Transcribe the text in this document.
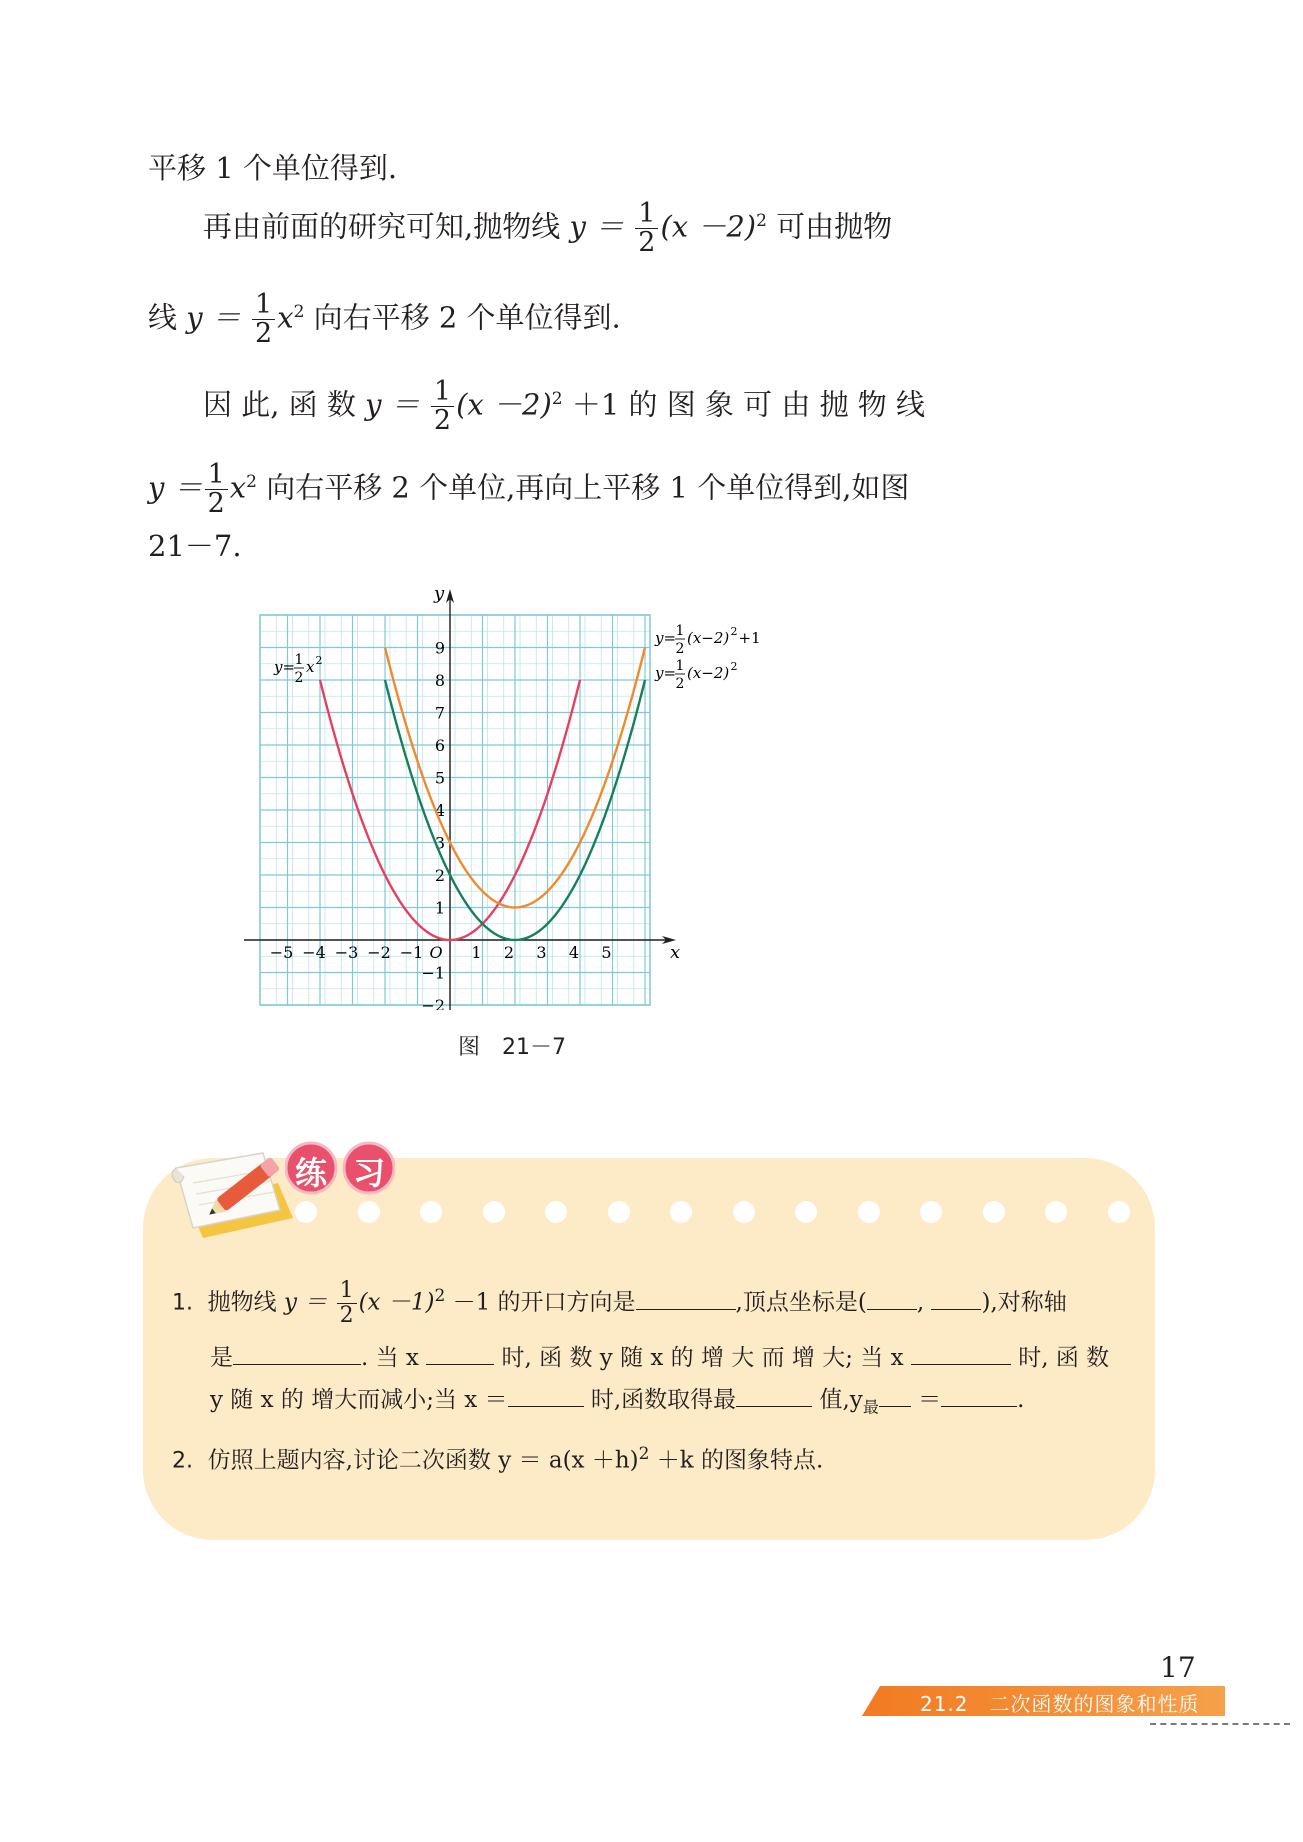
平移 1 个单位得到.
再由前面的研究可知,抛物线 $y = \frac{1}{2} (x -2)^2$ 可由抛物
线 $y = \frac{1}{2} x^2$ 向右平移 2 个单位得到.
因 此, 函 数 $y = \frac{1}{2} (x -2)^2 +1$ 的 图 象 可 由 抛 物 线
$y = \frac{1}{2} x^2$ 向右平移 2 个单位,再向上平移 1 个单位得到,如图
21－7.
x
y
−5 −4 −3 −2 −1 O 1 2 3 4 5
9
8
7
6
5
4
3
2
1
−1
−2
y= 1
2
x 2
y= 1
2
(x−2) 2 +1
y= 1
2
(x−2) 2
图　21－7
练 习
1. 抛物线 $y = \frac{1}{2} (x -1)^2 -1$ 的开口方向是	,顶点坐标是( , ),对称轴
是	. 当 x	时, 函 数 y 随 x 的 增 大 而 增 大; 当 x	时, 函 数
y 随 x 的 增大而减小;当 x ＝	时,函数取得最	值$,y_最$ ＝	.
2. 仿照上题内容,讨论二次函数 $y = a(x +h)^2 +k$ 的图象特点.
17
21.2　二次函数的图象和性质
